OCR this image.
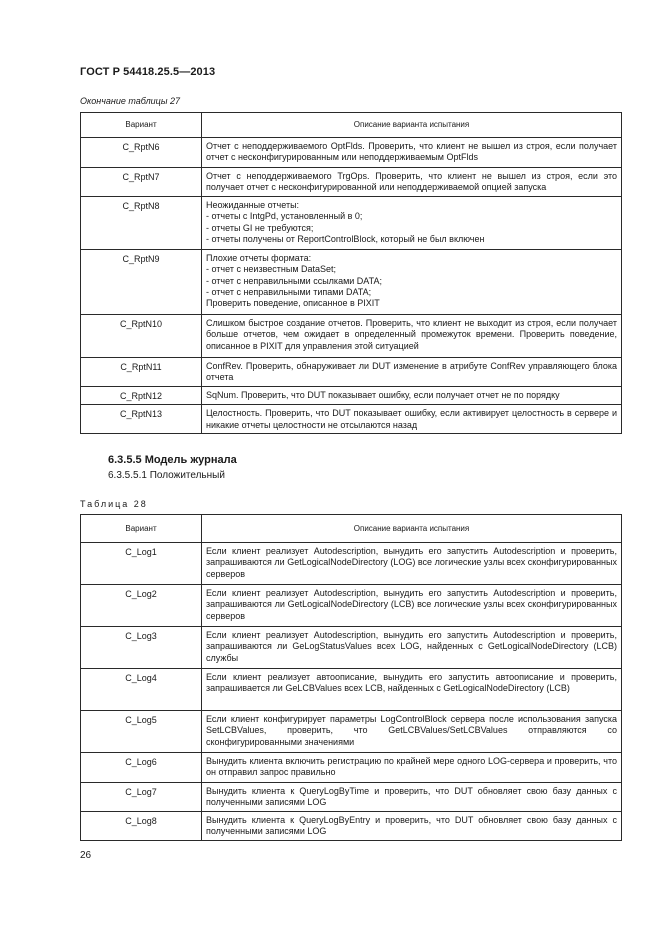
ГОСТ Р 54418.25.5—2013
Окончание таблицы 27
Вариант	Описание варианта испытания
C_RptN6	Отчет с неподдерживаемого OptFlds. Проверить, что клиент не вышел из строя, если получает отчет с несконфигурированным или неподдерживаемым OptFlds
C_RptN7	Отчет с неподдерживаемого TrgOps. Проверить, что клиент не вышел из строя, если это получает отчет с несконфигурированной или неподдерживаемой опцией запуска
C_RptN8	Неожиданные отчеты:
- отчеты с IntgPd, установленный в 0;
- отчеты GI не требуются;
- отчеты получены от ReportControlBlock, который не был включен

C_RptN9	Плохие отчеты формата:
- отчет с неизвестным DataSet;
- отчет с неправильными ссылками DATA;
- отчет с неправильными типами DATA;
Проверить поведение, описанное в PIXIT

C_RptN10	Слишком быстрое создание отчетов. Проверить, что клиент не выходит из строя, если получает больше отчетов, чем ожидает в определенный промежуток времени. Проверить поведение, описанное в PIXIT для управления этой ситуацией
C_RptN11	ConfRev. Проверить, обнаруживает ли DUT изменение в атрибуте ConfRev управляющего блока отчета
C_RptN12	SqNum. Проверить, что DUT показывает ошибку, если получает отчет не по порядку
C_RptN13	Целостность. Проверить, что DUT показывает ошибку, если активирует целостность в сервере и никакие отчеты целостности не отсылаются назад
6.3.5.5 Модель журнала
6.3.5.5.1 Положительный
Таблица 28
Вариант	Описание варианта испытания
C_Log1	Если клиент реализует Autodescription, вынудить его запустить Autodescription и проверить, запрашиваются ли GetLogicalNodeDirectory (LOG) все логические узлы всех сконфигурированных серверов
C_Log2	Если клиент реализует Autodescription, вынудить его запустить Autodescription и проверить, запрашиваются ли GetLogicalNodeDirectory (LCB) все логические узлы всех сконфигурированных серверов
C_Log3	Если клиент реализует Autodescription, вынудить его запустить Autodescription и проверить, запрашиваются ли GeLogStatusValues всех LOG, найденных с GetLogicalNodeDirectory (LCB) службы
C_Log4	Если клиент реализует автоописание, вынудить его запустить автоописание и проверить, запрашивается ли GeLCBValues всех LCB, найденных с GetLogicalNodeDirectory (LCB)
C_Log5	Если клиент конфигурирует параметры LogControlBlock сервера после использования запуска SetLCBValues, проверить, что GetLCBValues/SetLCBValues отправляются со сконфигурированными значениями
C_Log6	Вынудить клиента включить регистрацию по крайней мере одного LOG-сервера и проверить, что он отправил запрос правильно
C_Log7	Вынудить клиента к QueryLogByTime и проверить, что DUT обновляет свою базу данных с полученными записями LOG
C_Log8	Вынудить клиента к QueryLogByEntry и проверить, что DUT обновляет свою базу данных с полученными записями LOG
26
